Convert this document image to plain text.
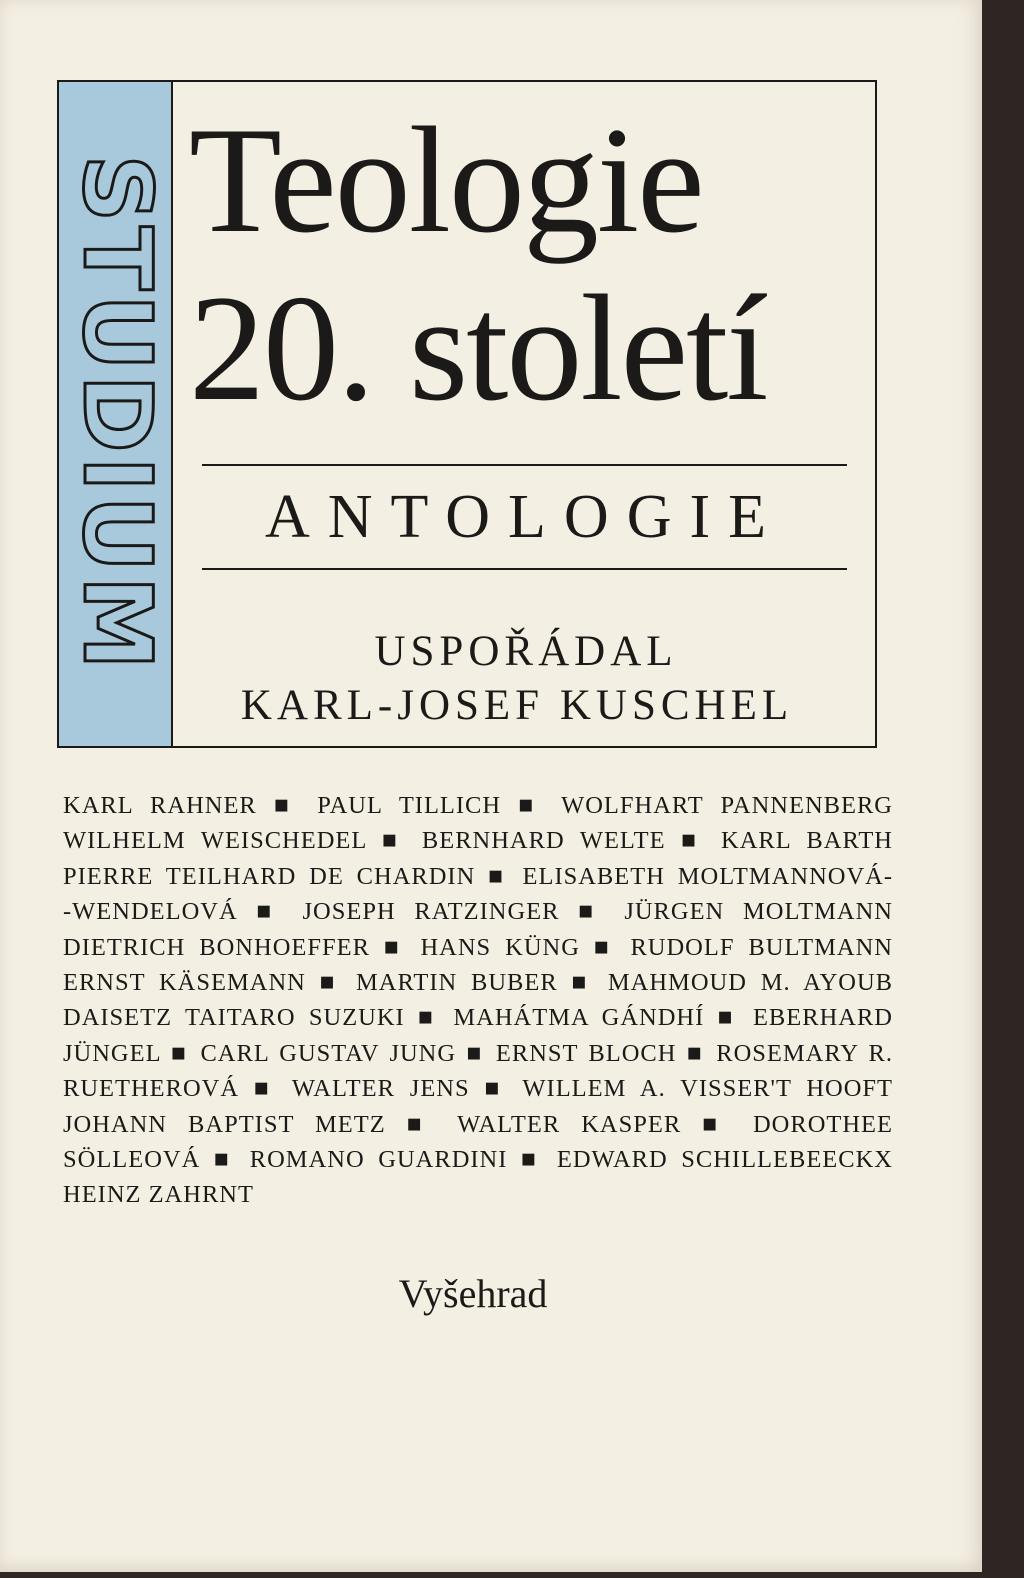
STUDIUM Teologie
20. století
ANTOLOGIE
USPOŘÁDAL
KARL-JOSEF KUSCHEL
KARL RAHNER ■ PAUL TILLICH ■ WOLFHART PANNENBERG
WILHELM WEISCHEDEL ■ BERNHARD WELTE ■ KARL BARTH
PIERRE TEILHARD DE CHARDIN ■ ELISABETH MOLTMANNOVÁ-
-WENDELOVÁ ■ JOSEPH RATZINGER ■ JÜRGEN MOLTMANN
DIETRICH BONHOEFFER ■ HANS KÜNG ■ RUDOLF BULTMANN
ERNST KÄSEMANN ■ MARTIN BUBER ■ MAHMOUD M. AYOUB
DAISETZ TAITARO SUZUKI ■ MAHÁTMA GÁNDHÍ ■ EBERHARD
JÜNGEL ■ CARL GUSTAV JUNG ■ ERNST BLOCH ■ ROSEMARY R.
RUETHEROVÁ ■ WALTER JENS ■ WILLEM A. VISSER'T HOOFT
JOHANN BAPTIST METZ ■ WALTER KASPER ■ DOROTHEE
SÖLLEOVÁ ■ ROMANO GUARDINI ■ EDWARD SCHILLEBEECKX
HEINZ ZAHRNT
Vyšehrad
